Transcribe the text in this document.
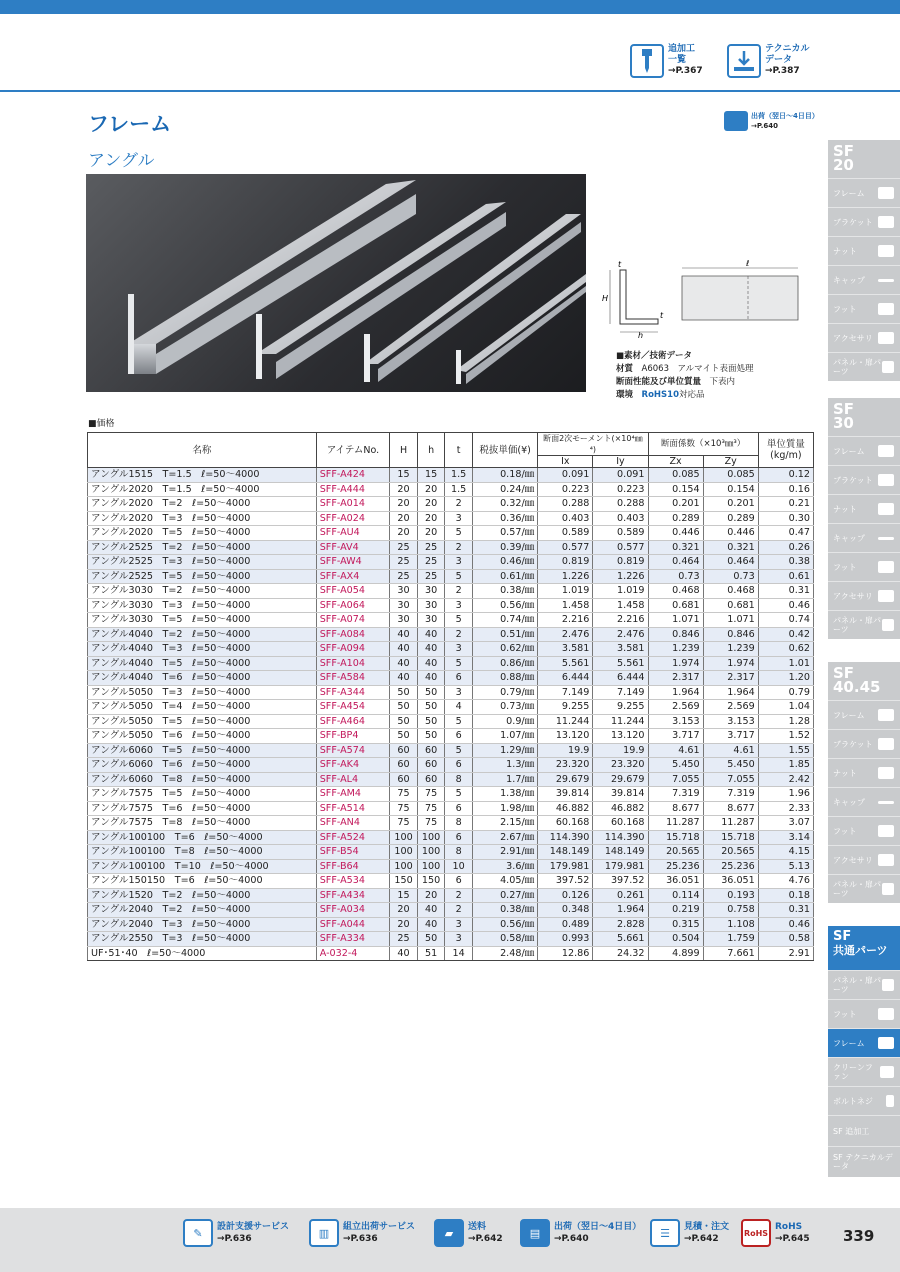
追加工
一覧
→P.367
テクニカル
データ
→P.387
フレーム
アングル
出荷（翌日〜4日目）
→P.640
t
H
t
h
ℓ
■素材／技術データ
材質　 A6063　アルマイト表面処理
断面性能及び単位質量　 下表内
環境　 RoHS10対応品
■価格
名称	アイテムNo.	H	h	t	税抜単価(¥)	断面2次モーメント(×10⁴㎜⁴)		断面係数（×10³㎜³）		単位質量
(kg/m)

						Ix	Iy	Zx	Zy	
アングル1515　T=1.5　ℓ=50〜4000	SFF-A424	15	15	1.5	0.18/㎜	0.091	0.091	0.085	0.085	0.12
アングル2020　T=1.5　ℓ=50〜4000	SFF-A444	20	20	1.5	0.24/㎜	0.223	0.223	0.154	0.154	0.16
アングル2020　T=2　ℓ=50〜4000	SFF-A014	20	20	2	0.32/㎜	0.288	0.288	0.201	0.201	0.21
アングル2020　T=3　ℓ=50〜4000	SFF-A024	20	20	3	0.36/㎜	0.403	0.403	0.289	0.289	0.30
アングル2020　T=5　ℓ=50〜4000	SFF-AU4	20	20	5	0.57/㎜	0.589	0.589	0.446	0.446	0.47
アングル2525　T=2　ℓ=50〜4000	SFF-AV4	25	25	2	0.39/㎜	0.577	0.577	0.321	0.321	0.26
アングル2525　T=3　ℓ=50〜4000	SFF-AW4	25	25	3	0.46/㎜	0.819	0.819	0.464	0.464	0.38
アングル2525　T=5　ℓ=50〜4000	SFF-AX4	25	25	5	0.61/㎜	1.226	1.226	0.73	0.73	0.61
アングル3030　T=2　ℓ=50〜4000	SFF-A054	30	30	2	0.38/㎜	1.019	1.019	0.468	0.468	0.31
アングル3030　T=3　ℓ=50〜4000	SFF-A064	30	30	3	0.56/㎜	1.458	1.458	0.681	0.681	0.46
アングル3030　T=5　ℓ=50〜4000	SFF-A074	30	30	5	0.74/㎜	2.216	2.216	1.071	1.071	0.74
アングル4040　T=2　ℓ=50〜4000	SFF-A084	40	40	2	0.51/㎜	2.476	2.476	0.846	0.846	0.42
アングル4040　T=3　ℓ=50〜4000	SFF-A094	40	40	3	0.62/㎜	3.581	3.581	1.239	1.239	0.62
アングル4040　T=5　ℓ=50〜4000	SFF-A104	40	40	5	0.86/㎜	5.561	5.561	1.974	1.974	1.01
アングル4040　T=6　ℓ=50〜4000	SFF-A584	40	40	6	0.88/㎜	6.444	6.444	2.317	2.317	1.20
アングル5050　T=3　ℓ=50〜4000	SFF-A344	50	50	3	0.79/㎜	7.149	7.149	1.964	1.964	0.79
アングル5050　T=4　ℓ=50〜4000	SFF-A454	50	50	4	0.73/㎜	9.255	9.255	2.569	2.569	1.04
アングル5050　T=5　ℓ=50〜4000	SFF-A464	50	50	5	0.9/㎜	11.244	11.244	3.153	3.153	1.28
アングル5050　T=6　ℓ=50〜4000	SFF-BP4	50	50	6	1.07/㎜	13.120	13.120	3.717	3.717	1.52
アングル6060　T=5　ℓ=50〜4000	SFF-A574	60	60	5	1.29/㎜	19.9	19.9	4.61	4.61	1.55
アングル6060　T=6　ℓ=50〜4000	SFF-AK4	60	60	6	1.3/㎜	23.320	23.320	5.450	5.450	1.85
アングル6060　T=8　ℓ=50〜4000	SFF-AL4	60	60	8	1.7/㎜	29.679	29.679	7.055	7.055	2.42
アングル7575　T=5　ℓ=50〜4000	SFF-AM4	75	75	5	1.38/㎜	39.814	39.814	7.319	7.319	1.96
アングル7575　T=6　ℓ=50〜4000	SFF-A514	75	75	6	1.98/㎜	46.882	46.882	8.677	8.677	2.33
アングル7575　T=8　ℓ=50〜4000	SFF-AN4	75	75	8	2.15/㎜	60.168	60.168	11.287	11.287	3.07
アングル100100　T=6　ℓ=50〜4000	SFF-A524	100	100	6	2.67/㎜	114.390	114.390	15.718	15.718	3.14
アングル100100　T=8　ℓ=50〜4000	SFF-B54	100	100	8	2.91/㎜	148.149	148.149	20.565	20.565	4.15
アングル100100　T=10　ℓ=50〜4000	SFF-B64	100	100	10	3.6/㎜	179.981	179.981	25.236	25.236	5.13
アングル150150　T=6　ℓ=50〜4000	SFF-A534	150	150	6	4.05/㎜	397.52	397.52	36.051	36.051	4.76
アングル1520　T=2　ℓ=50〜4000	SFF-A434	15	20	2	0.27/㎜	0.126	0.261	0.114	0.193	0.18
アングル2040　T=2　ℓ=50〜4000	SFF-A034	20	40	2	0.38/㎜	0.348	1.964	0.219	0.758	0.31
アングル2040　T=3　ℓ=50〜4000	SFF-A044	20	40	3	0.56/㎜	0.489	2.828	0.315	1.108	0.46
アングル2550　T=3　ℓ=50〜4000	SFF-A334	25	50	3	0.58/㎜	0.993	5.661	0.504	1.759	0.58
UF･51･40　ℓ=50〜4000	A-032-4	40	51	14	2.48/㎜	12.86	24.32	4.899	7.661	2.91
SF
20
フレーム
ブラケット
ナット
キャップ
フット
アクセサリ
パネル・扉パーツ
SF
30
フレーム
ブラケット
ナット
キャップ
フット
アクセサリ
パネル・扉パーツ
SF
40.45
フレーム
ブラケット
ナット
キャップ
フット
アクセサリ
パネル・扉パーツ
SF
共通パーツ
パネル・扉パーツ
フット
フレーム
クリーンファン
ボルトネジ
SF 追加工
SF テクニカルデータ
✎	設計支援サービス
→P.636	▥	組立出荷サービス
→P.636	▰	送料
→P.642	▤	出荷（翌日〜4日目）
→P.640	☰	見積・注文
→P.642
RoHS
RoHS
→P.645 339
